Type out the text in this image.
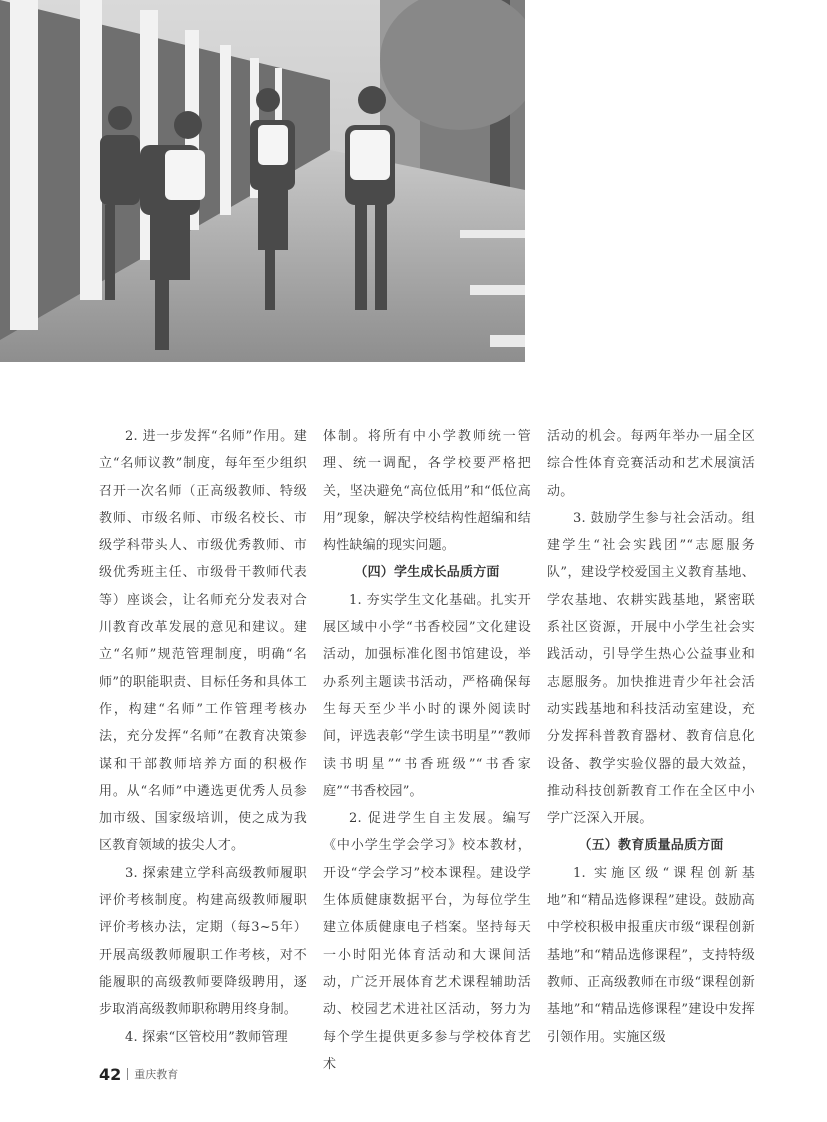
2. 进一步发挥“名师”作用。建立“名师议教”制度，每年至少组织召开一次名师（正高级教师、特级教师、市级名师、市级名校长、市级学科带头人、市级优秀教师、市级优秀班主任、市级骨干教师代表等）座谈会，让名师充分发表对合川教育改革发展的意见和建议。建立“名师”规范管理制度，明确“名师”的职能职责、目标任务和具体工作，构建“名师”工作管理考核办法，充分发挥“名师”在教育决策参谋和干部教师培养方面的积极作用。从“名师”中遴选更优秀人员参加市级、国家级培训，使之成为我区教育领域的拔尖人才。

3. 探索建立学科高级教师履职评价考核制度。构建高级教师履职评价考核办法，定期（每3~5年）开展高级教师履职工作考核，对不能履职的高级教师要降级聘用，逐步取消高级教师职称聘用终身制。

4. 探索“区管校用”教师管理

体制。将所有中小学教师统一管理、统一调配，各学校要严格把关，坚决避免“高位低用”和“低位高用”现象，解决学校结构性超编和结构性缺编的现实问题。

（四）学生成长品质方面

1. 夯实学生文化基础。扎实开展区域中小学“书香校园”文化建设活动，加强标准化图书馆建设，举办系列主题读书活动，严格确保每生每天至少半小时的课外阅读时间，评选表彰“学生读书明星”“教师读书明星”“书香班级”“书香家庭”“书香校园”。

2. 促进学生自主发展。编写《中小学生学会学习》校本教材，开设“学会学习”校本课程。建设学生体质健康数据平台，为每位学生建立体质健康电子档案。坚持每天一小时阳光体育活动和大课间活动，广泛开展体育艺术课程辅助活动、校园艺术进社区活动，努力为每个学生提供更多参与学校体育艺术

活动的机会。每两年举办一届全区综合性体育竞赛活动和艺术展演活动。

3. 鼓励学生参与社会活动。组建学生“社会实践团”“志愿服务队”，建设学校爱国主义教育基地、学农基地、农耕实践基地，紧密联系社区资源，开展中小学生社会实践活动，引导学生热心公益事业和志愿服务。加快推进青少年社会活动实践基地和科技活动室建设，充分发挥科普教育器材、教育信息化设备、教学实验仪器的最大效益，推动科技创新教育工作在全区中小学广泛深入开展。

（五）教育质量品质方面

1. 实施区级“课程创新基地”和“精品选修课程”建设。鼓励高中学校积极申报重庆市级“课程创新基地”和“精品选修课程”，支持特级教师、正高级教师在市级“课程创新基地”和“精品选修课程”建设中发挥引领作用。实施区级

42 重庆教育
